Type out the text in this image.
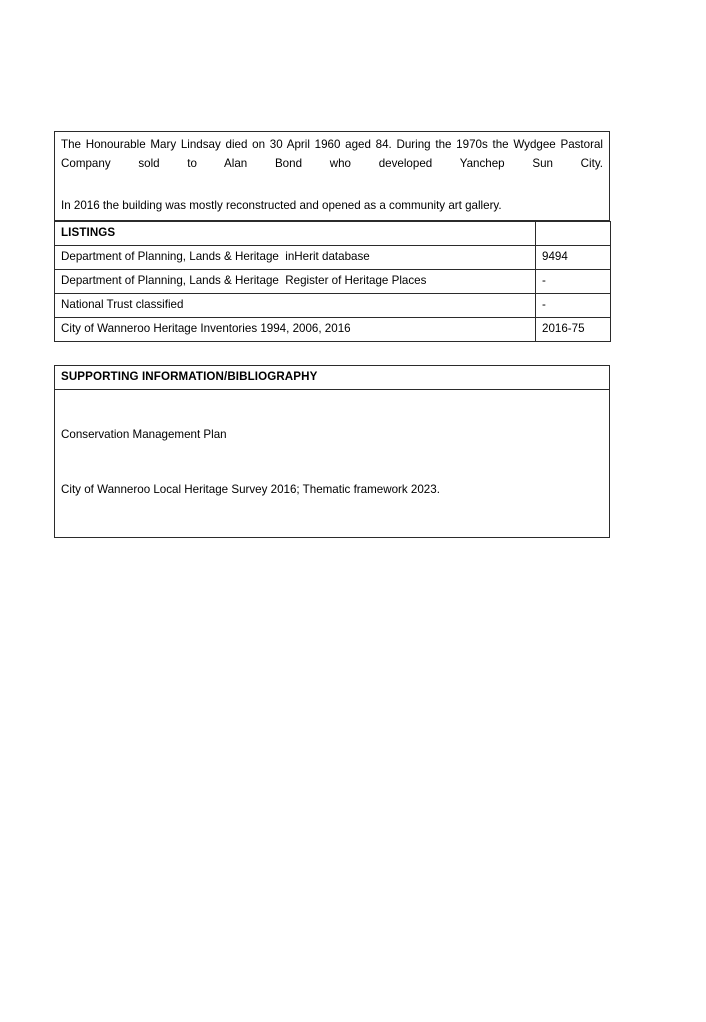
The Honourable Mary Lindsay died on 30 April 1960 aged 84. During the 1970s the Wydgee Pastoral Company sold to Alan Bond who developed Yanchep Sun City.

In 2016 the building was mostly reconstructed and opened as a community art gallery.

LISTINGS	
Department of Planning, Lands & Heritage  inHerit database	9494
Department of Planning, Lands & Heritage  Register of Heritage Places	-
National Trust classified	-
City of Wanneroo Heritage Inventories 1994, 2006, 2016	2016-75
SUPPORTING INFORMATION/BIBLIOGRAPHY

Conservation Management Plan

City of Wanneroo Local Heritage Survey 2016; Thematic framework 2023.
